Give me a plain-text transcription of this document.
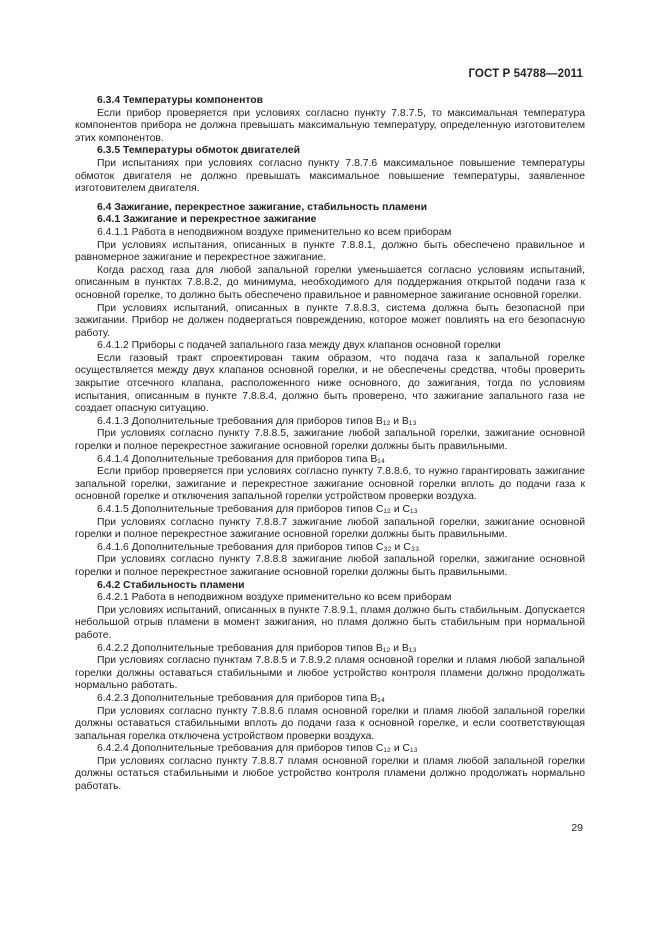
ГОСТ Р 54788—2011

6.3.4 Температуры компонентов

Если прибор проверяется при условиях согласно пункту 7.8.7.5, то максимальная температура компонентов прибора не должна превышать максимальную температуру, определенную изготовителем этих компонентов.

6.3.5 Температуры обмоток двигателей

При испытаниях при условиях согласно пункту 7.8.7.6 максимальное повышение температуры обмоток двигателя не должно превышать максимальное повышение температуры, заявленное изготовителем двигателя.

6.4 Зажигание, перекрестное зажигание, стабильность пламени

6.4.1 Зажигание и перекрестное зажигание

6.4.1.1 Работа в неподвижном воздухе применительно ко всем приборам

При условиях испытания, описанных в пункте 7.8.8.1, должно быть обеспечено правильное и равномерное зажигание и перекрестное зажигание.

Когда расход газа для любой запальной горелки уменьшается согласно условиям испытаний, описанным в пунктах 7.8.8.2, до минимума, необходимого для поддержания открытой подачи газа к основной горелке, то должно быть обеспечено правильное и равномерное зажигание основной горелки.

При условиях испытаний, описанных в пункте 7.8.8.3, система должна быть безопасной при зажигании. Прибор не должен подвергаться повреждению, которое может повлиять на его безопасную работу.

6.4.1.2 Приборы с подачей запального газа между двух клапанов основной горелки

Если газовый тракт спроектирован таким образом, что подача газа к запальной горелке осуществляется между двух клапанов основной горелки, и не обеспечены средства, чтобы проверить закрытие отсечного клапана, расположенного ниже основного, до зажигания, тогда по условиям испытания, описанным в пункте 7.8.8.4, должно быть проверено, что зажигание запального газа не создает опасную ситуацию.

6.4.1.3 Дополнительные требования для приборов типов B₁₂ и B₁₃

При условиях согласно пункту 7.8.8.5, зажигание любой запальной горелки, зажигание основной горелки и полное перекрестное зажигание основной горелки должны быть правильными.

6.4.1.4 Дополнительные требования для приборов типа B₁₄

Если прибор проверяется при условиях согласно пункту 7.8.8.6, то нужно гарантировать зажигание запальной горелки, зажигание и перекрестное зажигание основной горелки вплоть до подачи газа к основной горелке и отключения запальной горелки устройством проверки воздуха.

6.4.1.5 Дополнительные требования для приборов типов C₁₂ и C₁₃

При условиях согласно пункту 7.8.8.7 зажигание любой запальной горелки, зажигание основной горелки и полное перекрестное зажигание основной горелки должны быть правильными.

6.4.1.6 Дополнительные требования для приборов типов C₃₂ и C₃₃

При условиях согласно пункту 7.8.8.8 зажигание любой запальной горелки, зажигание основной горелки и полное перекрестное зажигание основной горелки должны быть правильными.

6.4.2 Стабильность пламени

6.4.2.1 Работа в неподвижном воздухе применительно ко всем приборам

При условиях испытаний, описанных в пункте 7.8.9.1, пламя должно быть стабильным. Допускается небольшой отрыв пламени в момент зажигания, но пламя должно быть стабильным при нормальной работе.

6.4.2.2 Дополнительные требования для приборов типов B₁₂ и B₁₃

При условиях согласно пунктам 7.8.8.5 и 7.8.9.2 пламя основной горелки и пламя любой запальной горелки должны оставаться стабильными и любое устройство контроля пламени должно продолжать нормально работать.

6.4.2.3 Дополнительные требования для приборов типа B₁₄

При условиях согласно пункту 7.8.8.6 пламя основной горелки и пламя любой запальной горелки должны оставаться стабильными вплоть до подачи газа к основной горелке, и если соответствующая запальная горелка отключена устройством проверки воздуха.

6.4.2.4 Дополнительные требования для приборов типов C₁₂ и C₁₃

При условиях согласно пункту 7.8.8.7 пламя основной горелки и пламя любой запальной горелки должны остаться стабильными и любое устройство контроля пламени должно продолжать нормально работать.

29
